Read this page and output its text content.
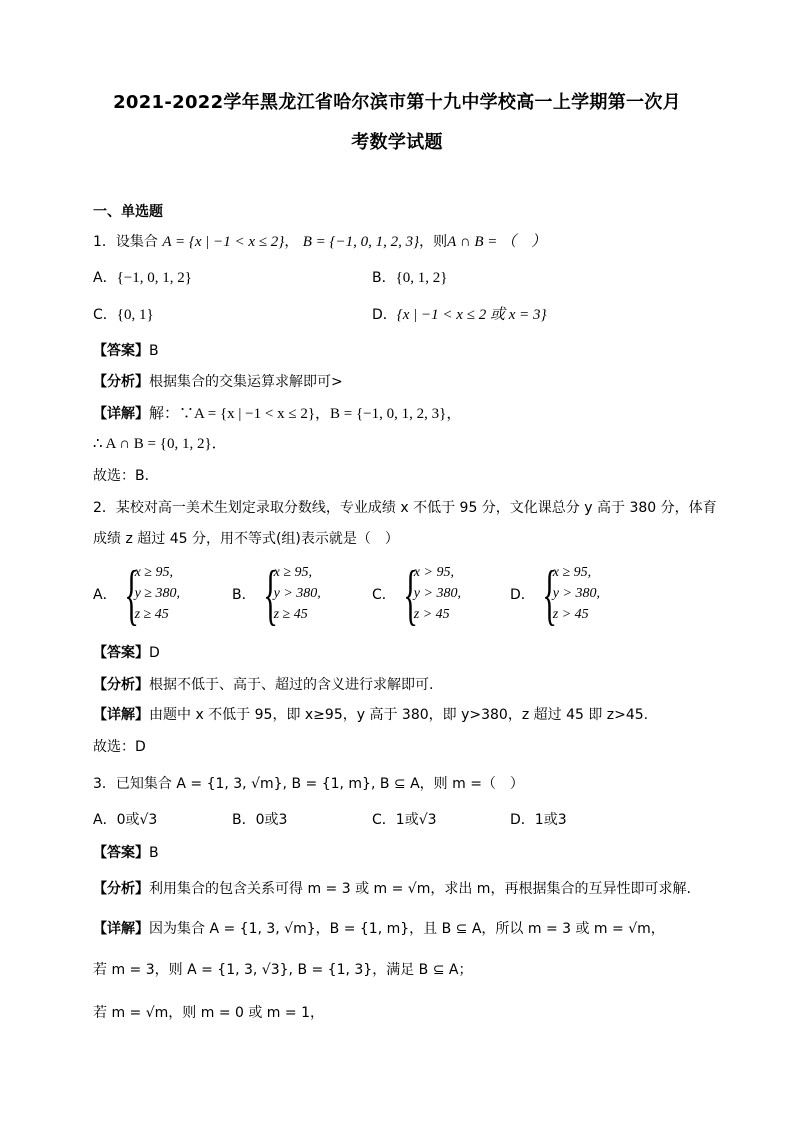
2021-2022学年黑龙江省哈尔滨市第十九中学校高一上学期第一次月
考数学试题
一、单选题
1．设集合 A = {x | −1 < x ≤ 2}， B = {−1, 0, 1, 2, 3}，则A ∩ B = （　）
A．{−1, 0, 1, 2}	B．{0, 1, 2}
C．{0, 1}	D．{x | −1 < x ≤ 2 或 x = 3}
【答案】B
【分析】根据集合的交集运算求解即可>
【详解】解：∵A = {x | −1 < x ≤ 2}，B = {−1, 0, 1, 2, 3}，
∴ A ∩ B = {0, 1, 2}．
故选：B．
2．某校对高一美术生划定录取分数线，专业成绩 x 不低于 95 分，文化课总分 y 高于 380 分，体育
成绩 z 超过 45 分，用不等式(组)表示就是（　）
A． {
x ≥ 95,
y ≥ 380,
z ≥ 45
B． {
x ≥ 95,
y > 380,
z ≥ 45
C． {
x > 95,
y > 380,
z > 45
D． {
x ≥ 95,
y > 380,
z > 45
【答案】D
【分析】根据不低于、高于、超过的含义进行求解即可.
【详解】由题中 x 不低于 95，即 x≥95，y 高于 380，即 y>380，z 超过 45 即 z>45.
故选：D
3．已知集合 A = {1, 3, √m}, B = {1, m}, B ⊆ A，则 m =（　）
A．0或√3	B．0或3	C．1或√3	D．1或3
【答案】B
【分析】利用集合的包含关系可得 m = 3 或 m = √m，求出 m，再根据集合的互异性即可求解.
【详解】因为集合 A = {1, 3, √m}，B = {1, m}，且 B ⊆ A，所以 m = 3 或 m = √m，
若 m = 3，则 A = {1, 3, √3}, B = {1, 3}，满足 B ⊆ A；
若 m = √m，则 m = 0 或 m = 1，
